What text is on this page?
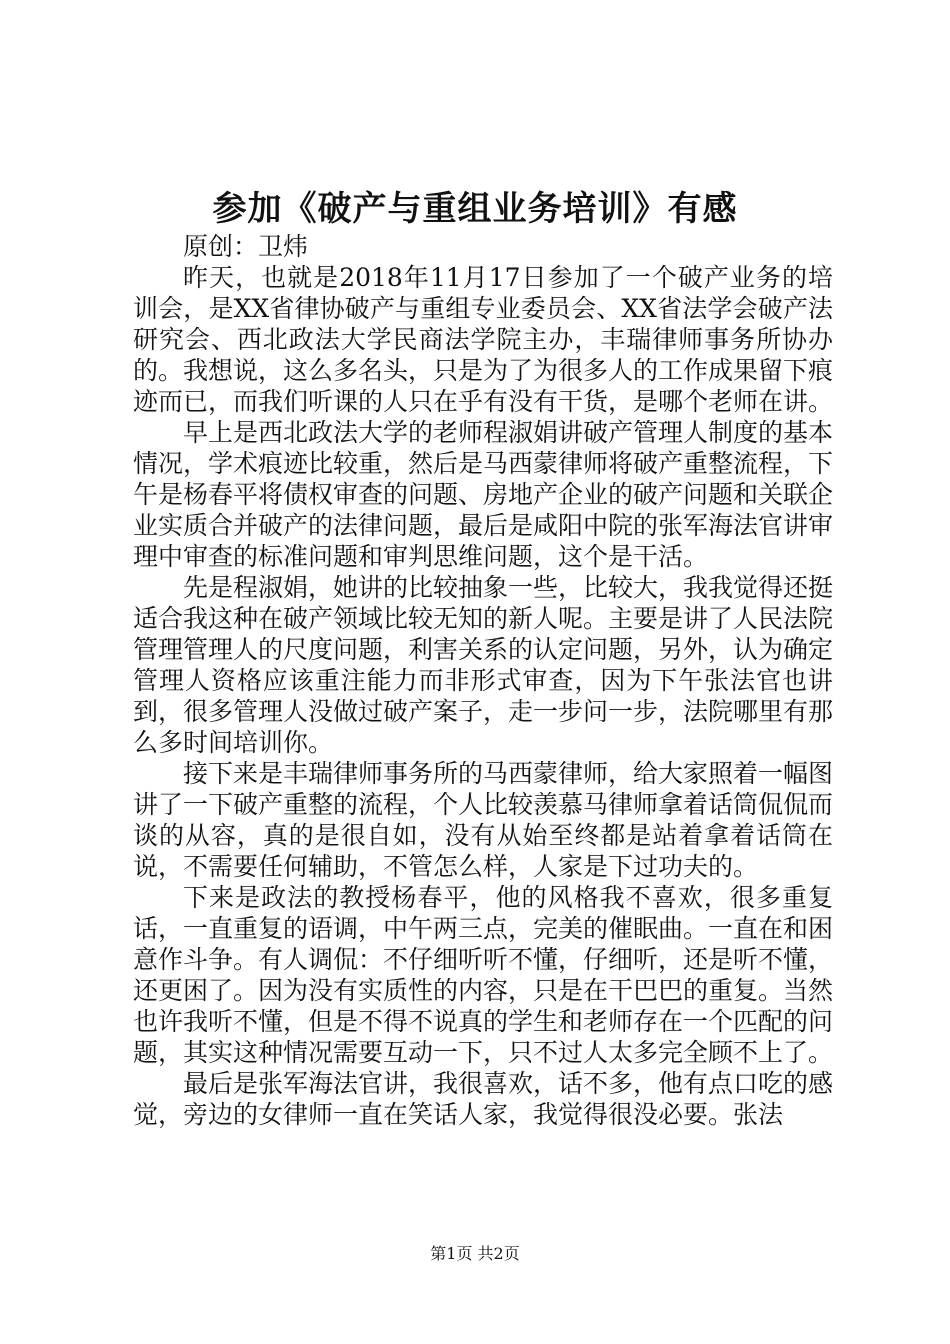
参加《破产与重组业务培训》有感

原创：卫炜

昨天，也就是2018年11月17日参加了一个破产业务的培训会，是XX省律协破产与重组专业委员会、XX省法学会破产法研究会、西北政法大学民商法学院主办，丰瑞律师事务所协办的。我想说，这么多名头，只是为了为很多人的工作成果留下痕迹而已，而我们听课的人只在乎有没有干货，是哪个老师在讲。

早上是西北政法大学的老师程淑娟讲破产管理人制度的基本情况，学术痕迹比较重，然后是马西蒙律师将破产重整流程，下午是杨春平将债权审查的问题、房地产企业的破产问题和关联企业实质合并破产的法律问题，最后是咸阳中院的张军海法官讲审理中审查的标准问题和审判思维问题，这个是干活。

先是程淑娟，她讲的比较抽象一些，比较大，我我觉得还挺适合我这种在破产领域比较无知的新人呢。主要是讲了人民法院管理管理人的尺度问题，利害关系的认定问题，另外，认为确定管理人资格应该重注能力而非形式审查，因为下午张法官也讲到，很多管理人没做过破产案子，走一步问一步，法院哪里有那么多时间培训你。

接下来是丰瑞律师事务所的马西蒙律师，给大家照着一幅图讲了一下破产重整的流程，个人比较羡慕马律师拿着话筒侃侃而谈的从容，真的是很自如，没有从始至终都是站着拿着话筒在说，不需要任何辅助，不管怎么样，人家是下过功夫的。

下来是政法的教授杨春平，他的风格我不喜欢，很多重复话，一直重复的语调，中午两三点，完美的催眠曲。一直在和困意作斗争。有人调侃：不仔细听听不懂，仔细听，还是听不懂，还更困了。因为没有实质性的内容，只是在干巴巴的重复。当然也许我听不懂，但是不得不说真的学生和老师存在一个匹配的问题，其实这种情况需要互动一下，只不过人太多完全顾不上了。

最后是张军海法官讲，我很喜欢，话不多，他有点口吃的感觉，旁边的女律师一直在笑话人家，我觉得很没必要。张法

第1页 共2页
